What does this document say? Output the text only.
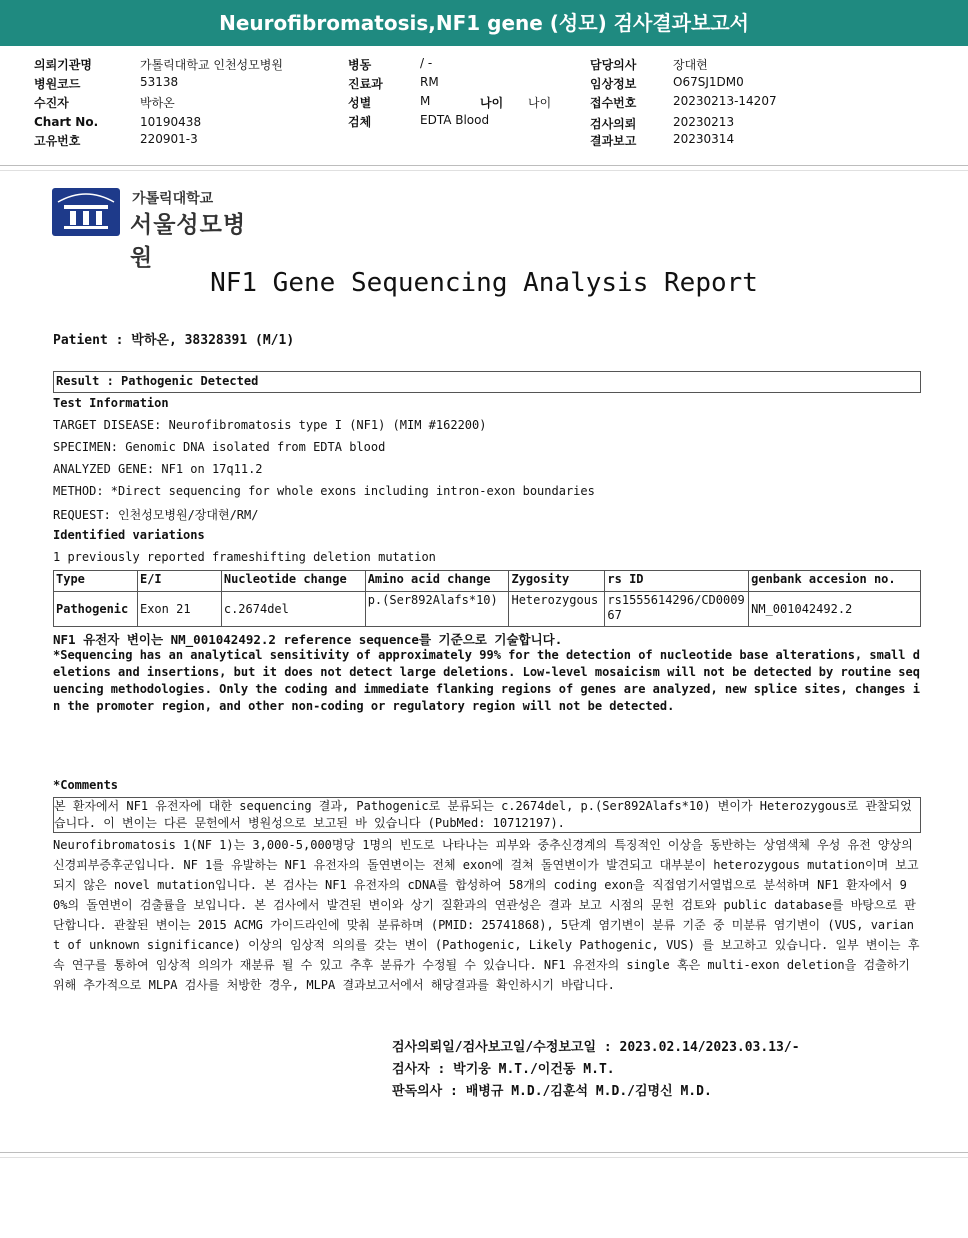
Neurofibromatosis,NF1 gene (성모) 검사결과보고서
의뢰기관명	가톨릭대학교 인천성모병원
병원코드	53138
수진자	박하온
Chart No.	10190438
고유번호	220901-3
병동	/ -
진료과	RM
성별	M	나이 나이
검체	EDTA Blood
담당의사	장대현
임상정보	O67SJ1DM0
접수번호	20230213-14207
검사의뢰	20230213
결과보고	20230314
가톨릭대학교
서울성모병원
NF1 Gene Sequencing Analysis Report
Patient : 박하온, 38328391 (M/1)
Result : Pathogenic Detected
Test Information
TARGET DISEASE: Neurofibromatosis type I (NF1) (MIM #162200)
SPECIMEN: Genomic DNA isolated from EDTA blood
ANALYZED GENE: NF1 on 17q11.2
METHOD: *Direct sequencing for whole exons including intron-exon boundaries
REQUEST: 인천성모병원/장대현/RM/
Identified variations
1 previously reported frameshifting deletion mutation
Type	E/I	Nucleotide change	Amino acid change	Zygosity	rs ID	genbank accesion no.
Pathogenic	Exon 21	c.2674del	p.(Ser892Alafs*10)	Heterozygous	rs1555614296/CD000967	NM_001042492.2
NF1 유전자 변이는 NM_001042492.2 reference sequence를 기준으로 기술합니다.
*Sequencing has an analytical sensitivity of approximately 99% for the detection of nucleotide base alterations, small deletions and insertions, but it does not detect large deletions. Low-level mosaicism will not be detected by routine sequencing methodologies. Only the coding and immediate flanking regions of genes are analyzed, new splice sites, changes in the promoter region, and other non-coding or regulatory region will not be detected.
*Comments
본 환자에서 NF1 유전자에 대한 sequencing 결과, Pathogenic로 분류되는 c.2674del, p.(Ser892Alafs*10) 변이가 Heterozygous로 관찰되었습니다. 이 변이는 다른 문헌에서 병원성으로 보고된 바 있습니다 (PubMed: 10712197).
Neurofibromatosis 1(NF 1)는 3,000-5,000명당 1명의 빈도로 나타나는 피부와 중추신경계의 특징적인 이상을 동반하는 상염색체 우성 유전 양상의 신경피부증후군입니다. NF 1를 유발하는 NF1 유전자의 돌연변이는 전체 exon에 걸쳐 돌연변이가 발견되고 대부분이 heterozygous mutation이며 보고되지 않은 novel mutation입니다. 본 검사는 NF1 유전자의 cDNA를 합성하여 58개의 coding exon을 직접염기서열법으로 분석하며 NF1 환자에서 90%의 돌연변이 검출률을 보입니다. 본 검사에서 발견된 변이와 상기 질환과의 연관성은 결과 보고 시점의 문헌 검토와 public database를 바탕으로 판단합니다. 관찰된 변이는 2015 ACMG 가이드라인에 맞춰 분류하며 (PMID: 25741868), 5단계 염기변이 분류 기준 중 미분류 염기변이 (VUS, variant of unknown significance) 이상의 임상적 의의를 갖는 변이 (Pathogenic, Likely Pathogenic, VUS) 를 보고하고 있습니다. 일부 변이는 후속 연구를 통하여 임상적 의의가 재분류 될 수 있고 추후 분류가 수정될 수 있습니다. NF1 유전자의 single 혹은 multi-exon deletion을 검출하기 위해 추가적으로 MLPA 검사를 처방한 경우, MLPA 결과보고서에서 해당결과를 확인하시기 바랍니다.
검사의뢰일/검사보고일/수정보고일 : 2023.02.14/2023.03.13/-
검사자 : 박기웅 M.T./이건동 M.T.
판독의사 : 배병규 M.D./김훈석 M.D./김명신 M.D.
